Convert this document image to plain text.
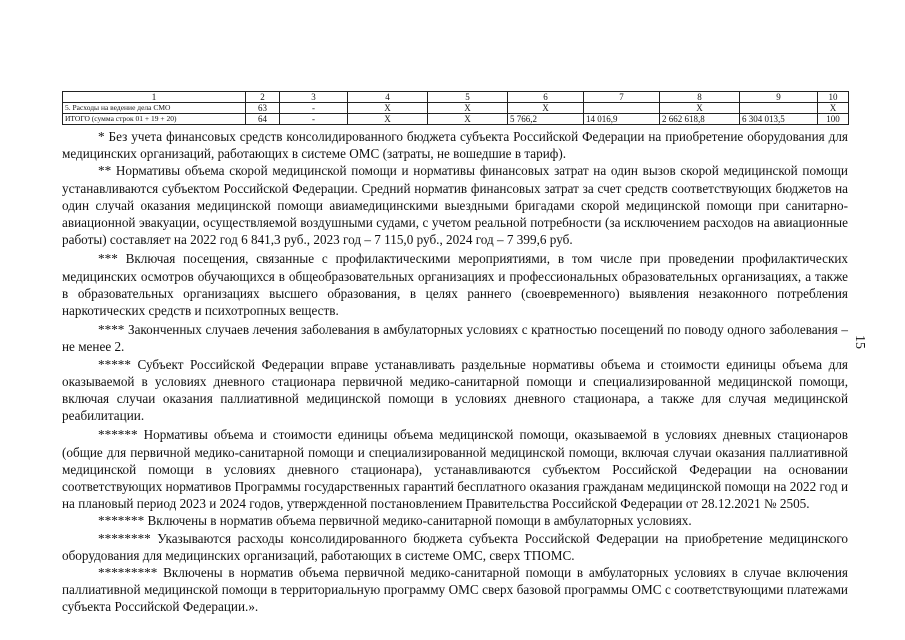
1	2	3	4	5	6	7	8	9	10
5. Расходы на ведение дела СМО	63	-	X	X	X		X		X
ИТОГО (сумма строк 01 + 19 + 20)	64	-	X	X	5 766,2	14 016,9	2 662 618,8	6 304 013,5	100

* Без учета финансовых средств консолидированного бюджета субъекта Российской Федерации на приобретение оборудования для медицинских организаций, работающих в системе ОМС (затраты, не вошедшие в тариф).

** Нормативы объема скорой медицинской помощи и нормативы финансовых затрат на один вызов скорой медицинской помощи устанавливаются субъектом Российской Федерации. Средний норматив финансовых затрат за счет средств соответствующих бюджетов на один случай оказания медицинской помощи авиамедицинскими выездными бригадами скорой медицинской помощи при санитарно-авиационной эвакуации, осуществляемой воздушными судами, с учетом реальной потребности (за исключением расходов на авиационные работы) составляет на 2022 год 6 841,3 руб., 2023 год – 7 115,0 руб., 2024 год – 7 399,6 руб.

*** Включая посещения, связанные с профилактическими мероприятиями, в том числе при проведении профилактических медицинских осмотров обучающихся в общеобразовательных организациях и профессиональных образовательных организациях, а также в образовательных организациях высшего образования, в целях раннего (своевременного) выявления незаконного потребления наркотических средств и психотропных веществ.

**** Законченных случаев лечения заболевания в амбулаторных условиях с кратностью посещений по поводу одного заболевания – не менее 2.

***** Субъект Российской Федерации вправе устанавливать раздельные нормативы объема и стоимости единицы объема для оказываемой в условиях дневного стационара первичной медико-санитарной помощи и специализированной медицинской помощи, включая случаи оказания паллиативной медицинской помощи в условиях дневного стационара, а также для случая медицинской реабилитации.

****** Нормативы объема и стоимости единицы объема медицинской помощи, оказываемой в условиях дневных стационаров (общие для первичной медико-санитарной помощи и специализированной медицинской помощи, включая случаи оказания паллиативной медицинской помощи в условиях дневного стационара), устанавливаются субъектом Российской Федерации на основании соответствующих нормативов Программы государственных гарантий бесплатного оказания гражданам медицинской помощи на 2022 год и на плановый период 2023 и 2024 годов, утвержденной постановлением Правительства Российской Федерации от 28.12.2021 № 2505.

******* Включены в норматив объема первичной медико-санитарной помощи в амбулаторных условиях.

******** Указываются расходы консолидированного бюджета субъекта Российской Федерации на приобретение медицинского оборудования для медицинских организаций, работающих в системе ОМС, сверх ТПОМС.

********* Включены в норматив объема первичной медико-санитарной помощи в амбулаторных условиях в случае включения паллиативной медицинской помощи в территориальную программу ОМС сверх базовой программы ОМС с соответствующими платежами субъекта Российской Федерации.».

15
